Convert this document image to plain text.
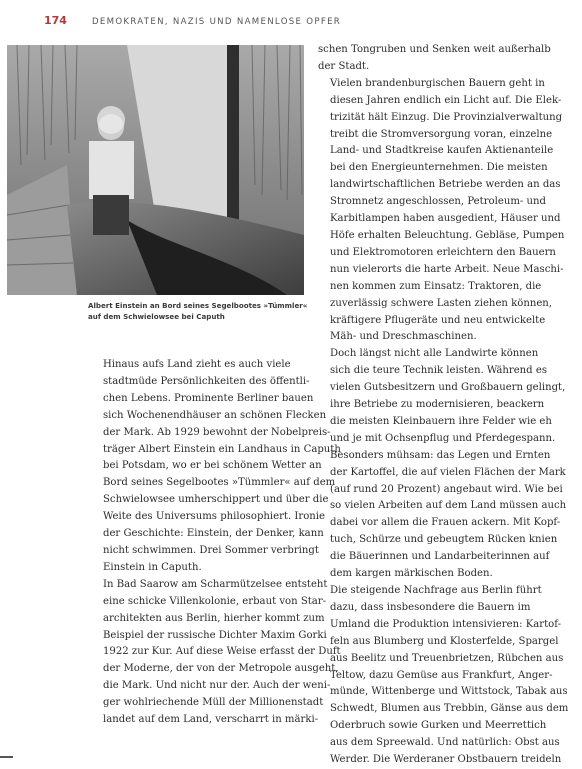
174	DEMOKRATEN, NAZIS UND NAMENLOSE OPFER
Albert Einstein an Bord seines Segelbootes »Tümmler«
auf dem Schwielowsee bei Caputh

Hinaus aufs Land zieht es auch viele
stadtmüde Persönlichkeiten des öffentli-
chen Lebens. Prominente Berliner bauen
sich Wochenendhäuser an schönen Flecken
der Mark. Ab 1929 bewohnt der Nobelpreis-
träger Albert Einstein ein Landhaus in Caputh
bei Potsdam, wo er bei schönem Wetter an
Bord seines Segelbootes »Tümmler« auf dem
Schwielowsee umherschippert und über die
Weite des Universums philosophiert. Ironie
der Geschichte: Einstein, der Denker, kann
nicht schwimmen. Drei Sommer verbringt
Einstein in Caputh.

In Bad Saarow am Scharmützelsee entsteht
eine schicke Villenkolonie, erbaut von Star-
architekten aus Berlin, hierher kommt zum
Beispiel der russische Dichter Maxim Gorki
1922 zur Kur. Auf diese Weise erfasst der Duft
der Moderne, der von der Metropole ausgeht,
die Mark. Und nicht nur der. Auch der weni-
ger wohlriechende Müll der Millionenstadt
landet auf dem Land, verscharrt in märki-

schen Tongruben und Senken weit außerhalb
der Stadt.

Vielen brandenburgischen Bauern geht in
diesen Jahren endlich ein Licht auf. Die Elek-
trizität hält Einzug. Die Provinzialverwaltung
treibt die Stromversorgung voran, einzelne
Land- und Stadtkreise kaufen Aktienanteile
bei den Energieunternehmen. Die meisten
landwirtschaftlichen Betriebe werden an das
Stromnetz angeschlossen, Petroleum- und
Karbitlampen haben ausgedient, Häuser und
Höfe erhalten Beleuchtung. Gebläse, Pumpen
und Elektromotoren erleichtern den Bauern
nun vielerorts die harte Arbeit. Neue Maschi-
nen kommen zum Einsatz: Traktoren, die
zuverlässig schwere Lasten ziehen können,
kräftigere Pflugeräte und neu entwickelte
Mäh- und Dreschmaschinen.

Doch längst nicht alle Landwirte können
sich die teure Technik leisten. Während es
vielen Gutsbesitzern und Großbauern gelingt,
ihre Betriebe zu modernisieren, beackern
die meisten Kleinbauern ihre Felder wie eh
und je mit Ochsenpflug und Pferdegespann.
Besonders mühsam: das Legen und Ernten
der Kartoffel, die auf vielen Flächen der Mark
(auf rund 20 Prozent) angebaut wird. Wie bei
so vielen Arbeiten auf dem Land müssen auch
dabei vor allem die Frauen ackern. Mit Kopf-
tuch, Schürze und gebeugtem Rücken knien
die Bäuerinnen und Landarbeiterinnen auf
dem kargen märkischen Boden.

Die steigende Nachfrage aus Berlin führt
dazu, dass insbesondere die Bauern im
Umland die Produktion intensivieren: Kartof-
feln aus Blumberg und Klosterfelde, Spargel
aus Beelitz und Treuenbrietzen, Rübchen aus
Teltow, dazu Gemüse aus Frankfurt, Anger-
münde, Wittenberge und Wittstock, Tabak aus
Schwedt, Blumen aus Trebbin, Gänse aus dem
Oderbruch sowie Gurken und Meerrettich
aus dem Spreewald. Und natürlich: Obst aus
Werder. Die Werderaner Obstbauern treideln
